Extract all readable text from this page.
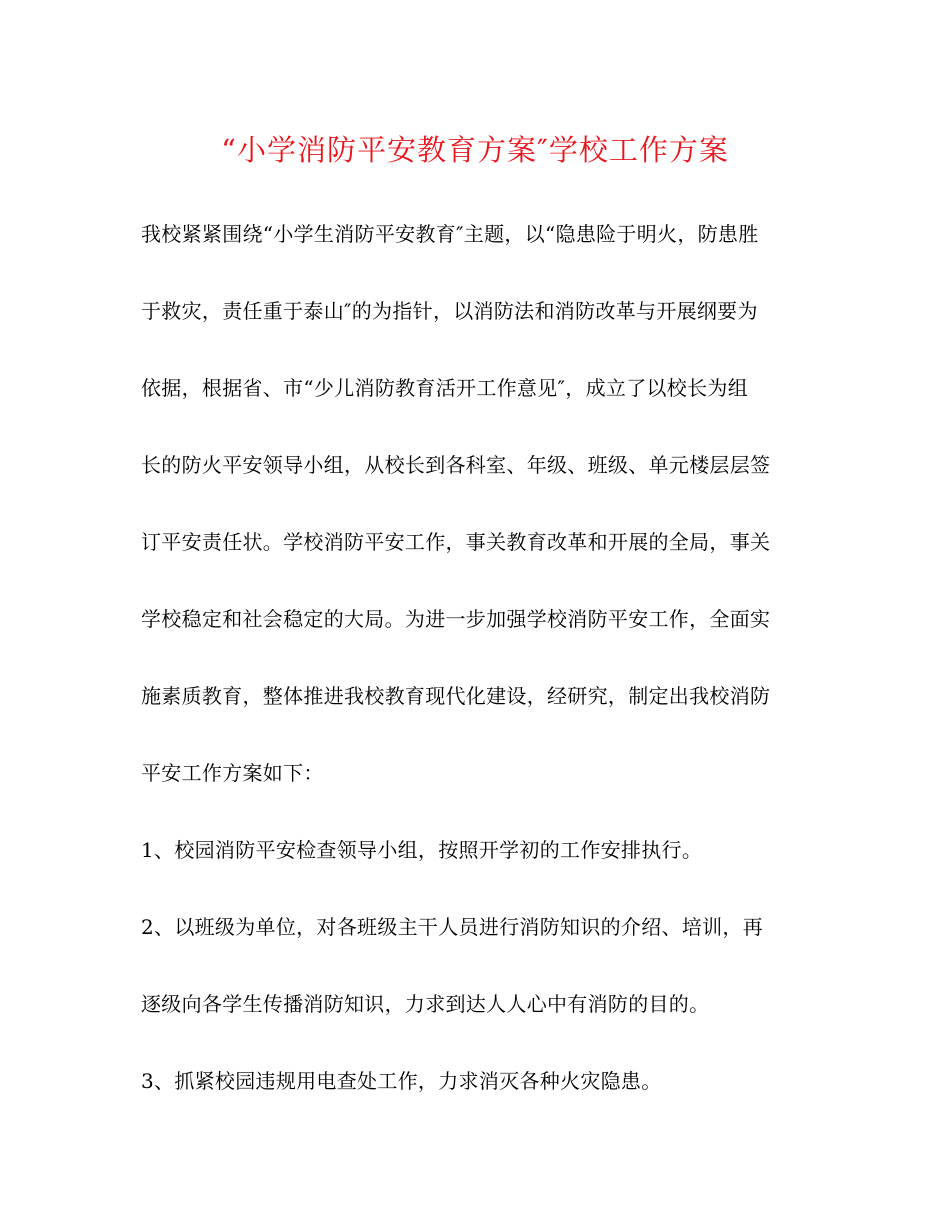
“小学消防平安教育方案″学校工作方案
我校紧紧围绕“小学生消防平安教育″主题，以“隐患险于明火，防患胜
于救灾，责任重于泰山″的为指针，以消防法和消防改革与开展纲要为
依据，根据省、市“少儿消防教育活开工作意见″，成立了以校长为组
长的防火平安领导小组，从校长到各科室、年级、班级、单元楼层层签
订平安责任状。学校消防平安工作，事关教育改革和开展的全局，事关
学校稳定和社会稳定的大局。为进一步加强学校消防平安工作，全面实
施素质教育，整体推进我校教育现代化建设，经研究，制定出我校消防
平安工作方案如下：
1、校园消防平安检查领导小组，按照开学初的工作安排执行。
2、以班级为单位，对各班级主干人员进行消防知识的介绍、培训，再
逐级向各学生传播消防知识，力求到达人人心中有消防的目的。
3、抓紧校园违规用电查处工作，力求消灭各种火灾隐患。
